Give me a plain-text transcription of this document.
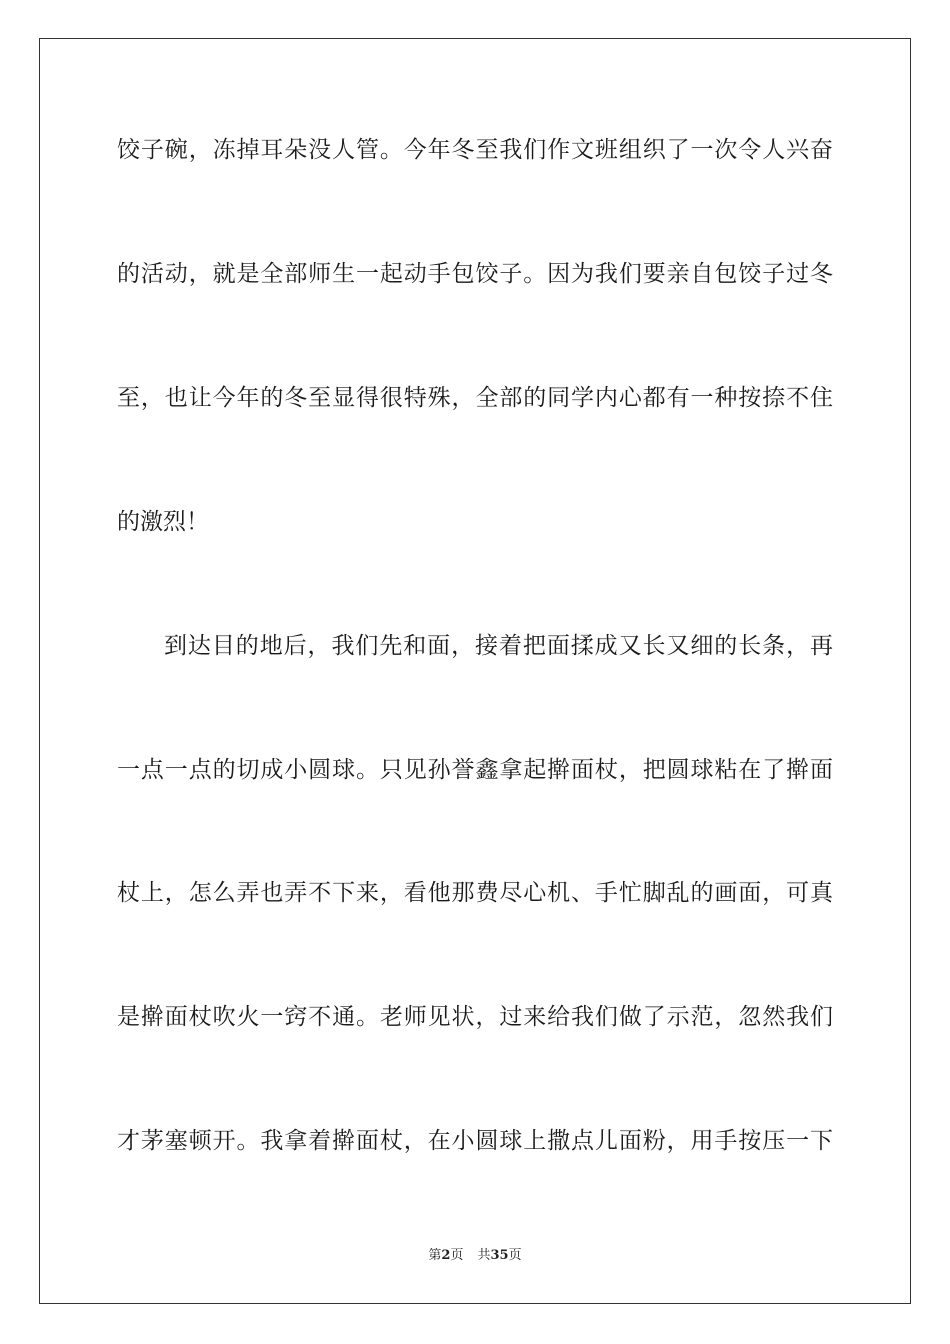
饺子碗，冻掉耳朵没人管。今年冬至我们作文班组织了一次令人兴奋
的活动，就是全部师生一起动手包饺子。因为我们要亲自包饺子过冬
至，也让今年的冬至显得很特殊，全部的同学内心都有一种按捺不住
的激烈！
到达目的地后，我们先和面，接着把面揉成又长又细的长条，再
一点一点的切成小圆球。只见孙誉鑫拿起擀面杖，把圆球粘在了擀面
杖上，怎么弄也弄不下来，看他那费尽心机、手忙脚乱的画面，可真
是擀面杖吹火一窍不通。老师见状，过来给我们做了示范，忽然我们
才茅塞顿开。我拿着擀面杖，在小圆球上撒点儿面粉，用手按压一下
第2页 共35页
